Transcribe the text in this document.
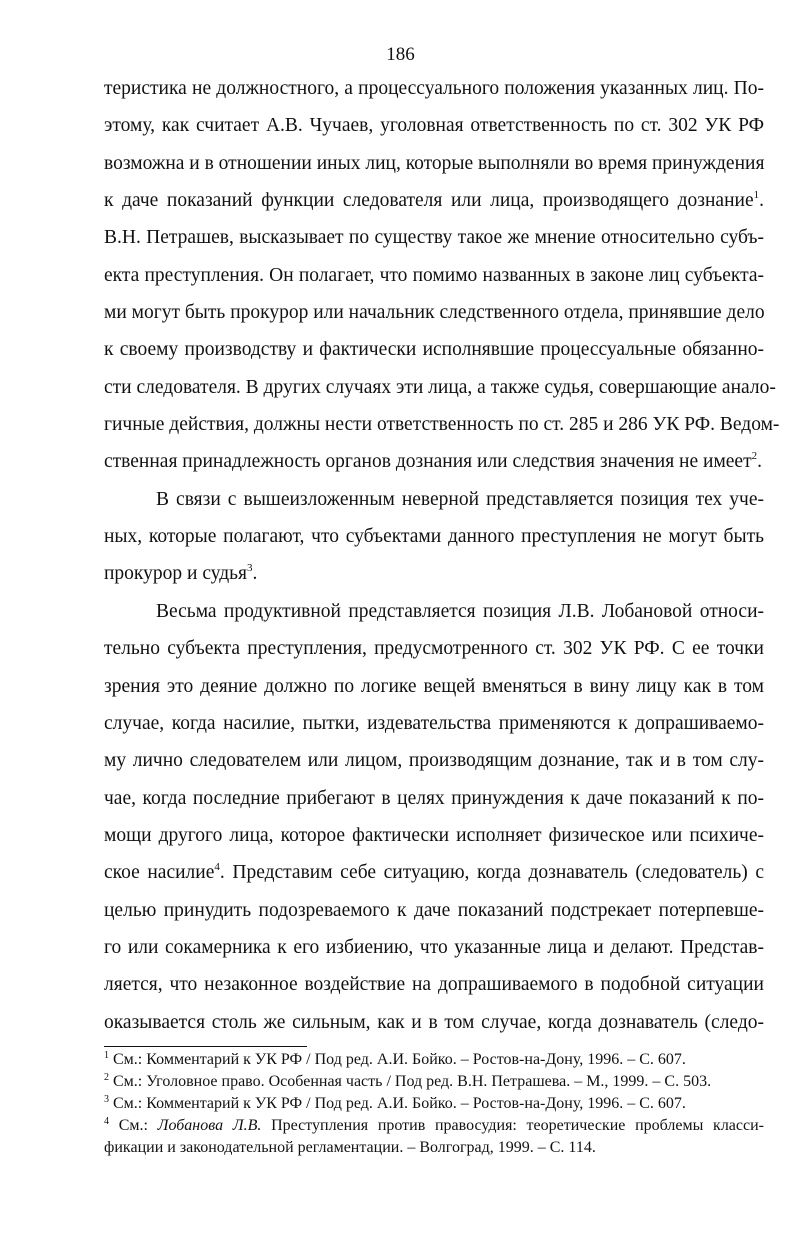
186
теристика не должностного, а процессуального положения указанных лиц. По-
этому, как считает А.В. Чучаев, уголовная ответственность по ст. 302 УК РФ
возможна и в отношении иных лиц, которые выполняли во время принуждения
к даче показаний функции следователя или лица, производящего дознание$^1$.
В.Н. Петрашев, высказывает по существу такое же мнение относительно субъ-
екта преступления. Он полагает, что помимо названных в законе лиц субъекта-
ми могут быть прокурор или начальник следственного отдела, принявшие дело
к своему производству и фактически исполнявшие процессуальные обязанно-
сти следователя. В других случаях эти лица, а также судья, совершающие анало-
гичные действия, должны нести ответственность по ст. 285 и 286 УК РФ. Ведом-
ственная принадлежность органов дознания или следствия значения не имеет$^2$.
В связи с вышеизложенным неверной представляется позиция тех уче-
ных, которые полагают, что субъектами данного преступления не могут быть
прокурор и судья$^3$.
Весьма продуктивной представляется позиция Л.В. Лобановой относи-
тельно субъекта преступления, предусмотренного ст. 302 УК РФ. С ее точки
зрения это деяние должно по логике вещей вменяться в вину лицу как в том
случае, когда насилие, пытки, издевательства применяются к допрашиваемо-
му лично следователем или лицом, производящим дознание, так и в том слу-
чае, когда последние прибегают в целях принуждения к даче показаний к по-
мощи другого лица, которое фактически исполняет физическое или психиче-
ское насилие$^4$. Представим себе ситуацию, когда дознаватель (следователь) с
целью принудить подозреваемого к даче показаний подстрекает потерпевше-
го или сокамерника к его избиению, что указанные лица и делают. Представ-
ляется, что незаконное воздействие на допрашиваемого в подобной ситуации
оказывается столь же сильным, как и в том случае, когда дознаватель (следо-
$^1$ См.: Комментарий к УК РФ / Под ред. А.И. Бойко. – Ростов-на-Дону, 1996. – С. 607.
$^2$ См.: Уголовное право. Особенная часть / Под ред. В.Н. Петрашева. – М., 1999. – С. 503.
$^3$ См.: Комментарий к УК РФ / Под ред. А.И. Бойко. – Ростов-на-Дону, 1996. – С. 607.
$^4$ См.: Лобанова Л.В. Преступления против правосудия: теоретические проблемы класси-
фикации и законодательной регламентации. – Волгоград, 1999. – С. 114.
